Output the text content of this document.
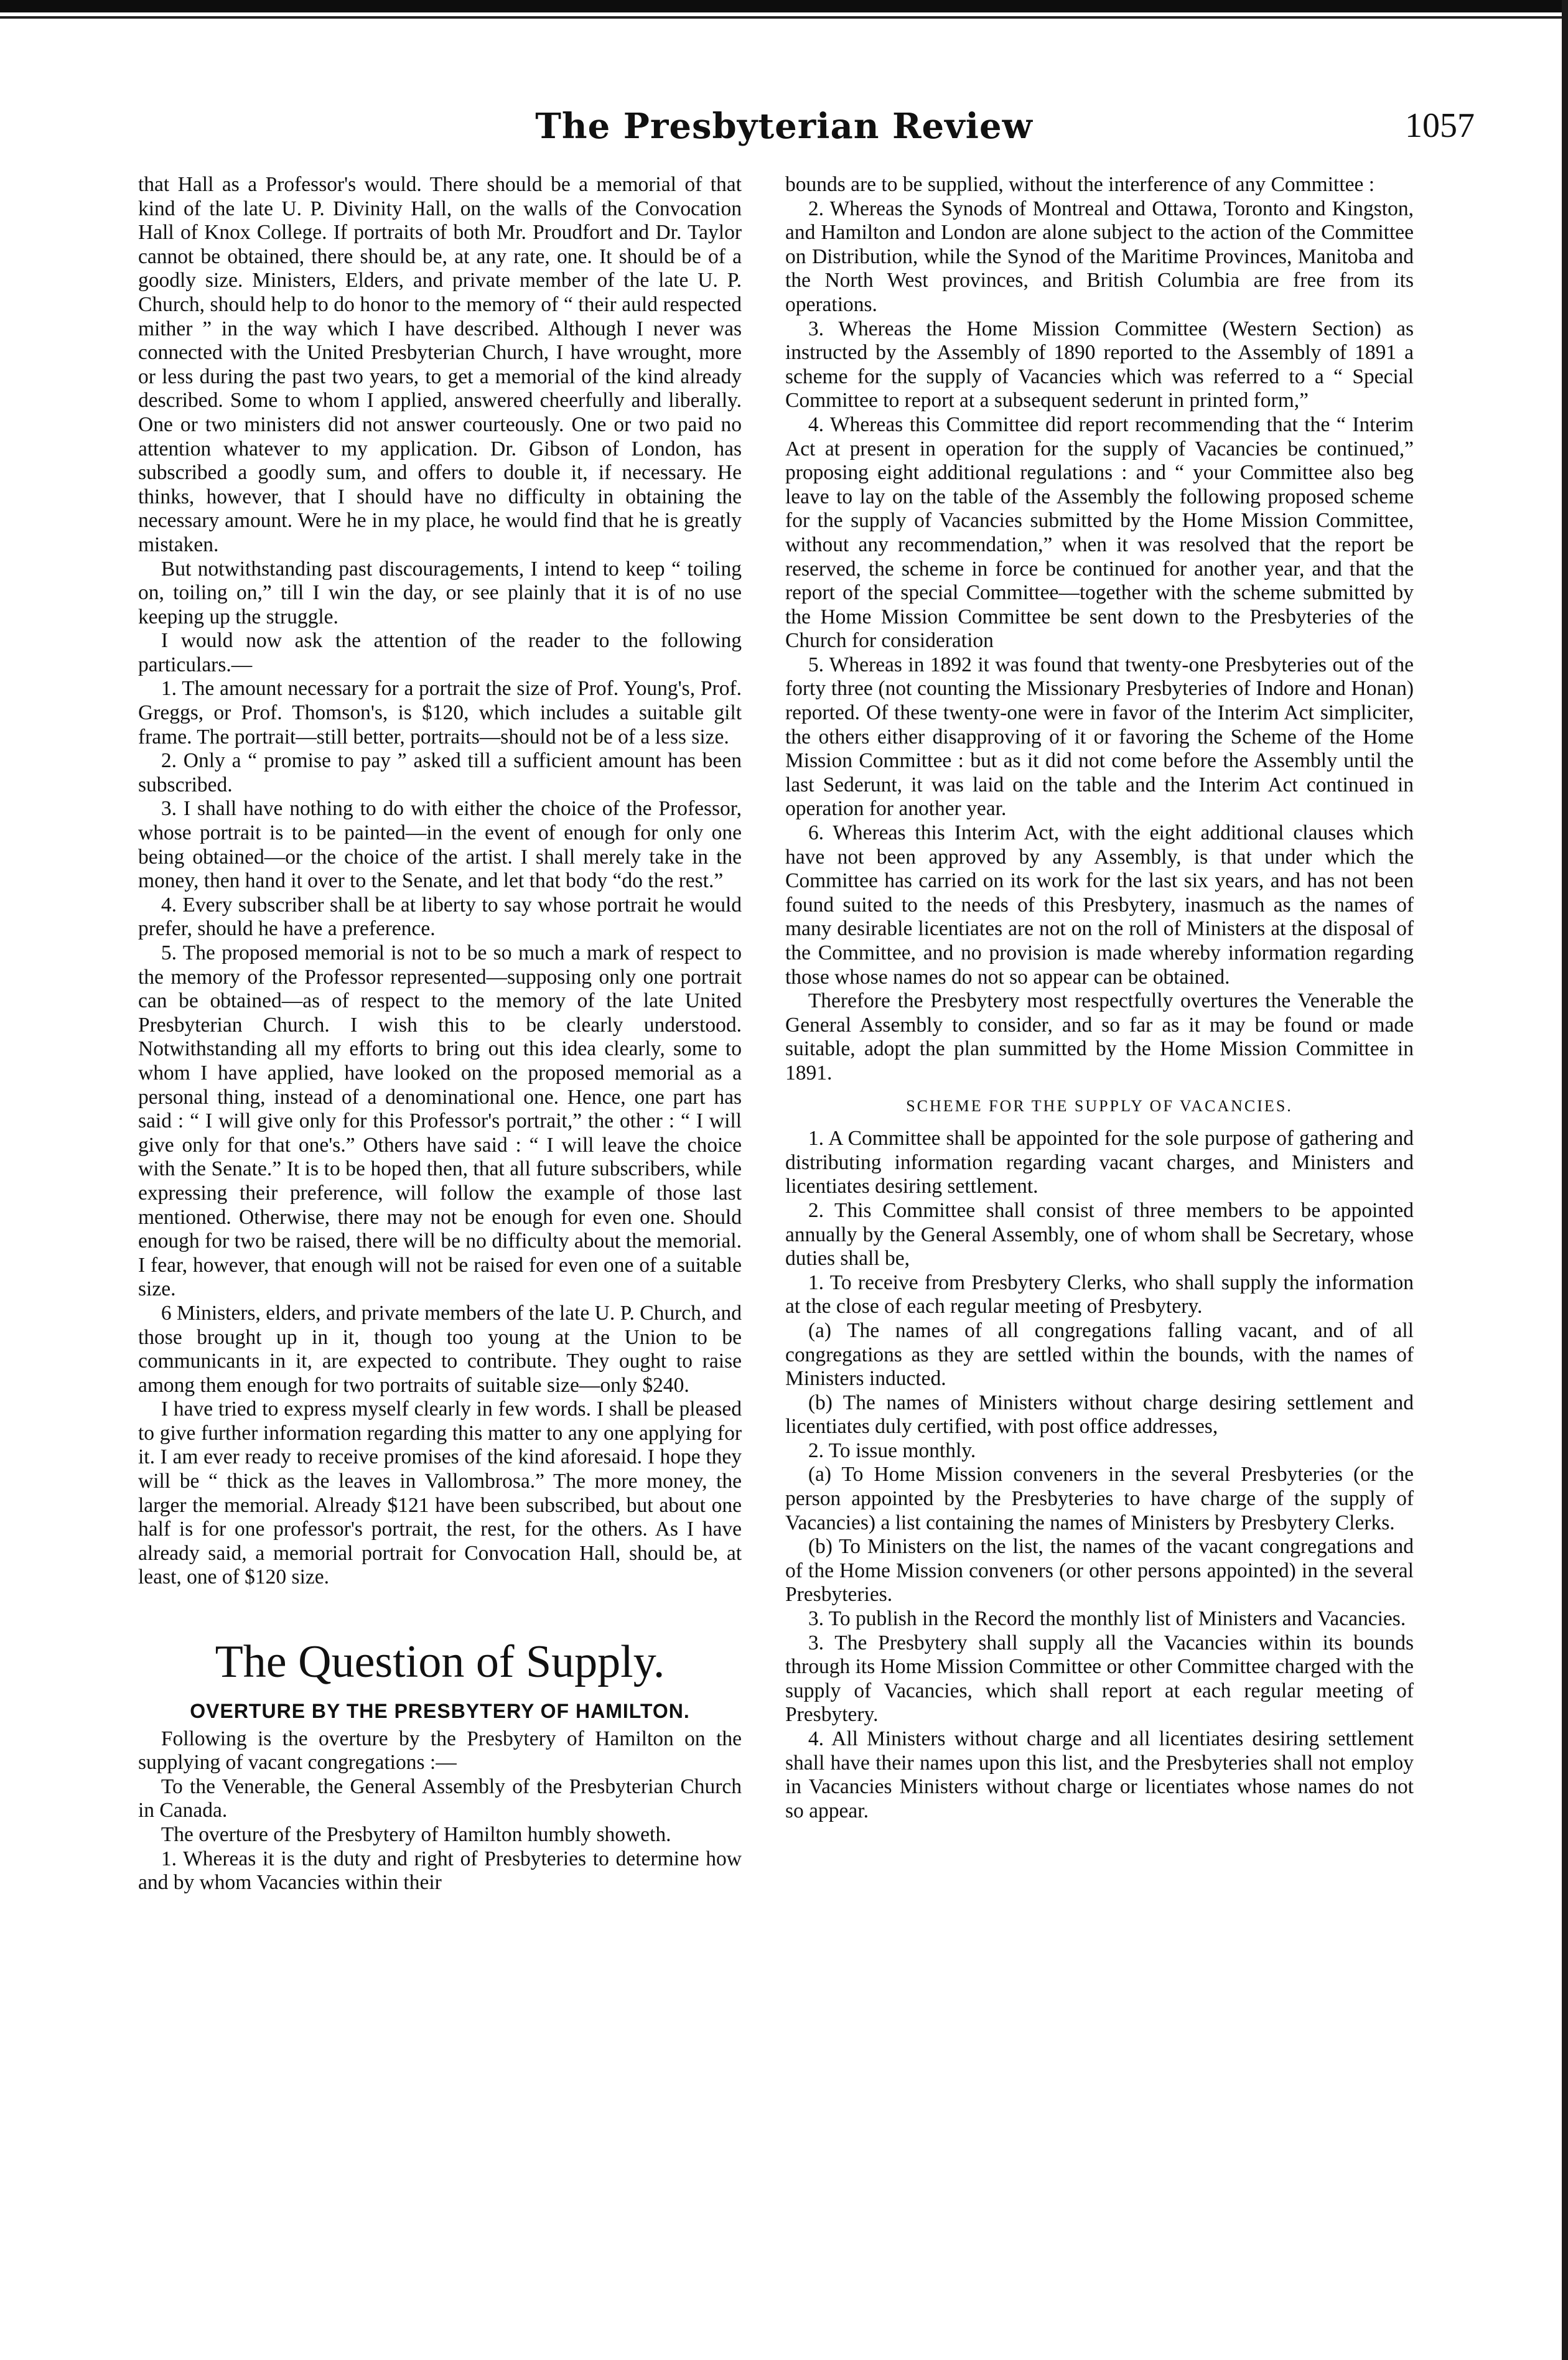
The Presbyterian Review	1057

that Hall as a Professor's would. There should be a memorial of that kind of the late U. P. Divinity Hall, on the walls of the Convocation Hall of Knox College. If portraits of both Mr. Proudfort and Dr. Taylor cannot be obtained, there should be, at any rate, one. It should be of a goodly size. Ministers, Elders, and private member of the late U. P. Church, should help to do honor to the memory of “ their auld respected mither ” in the way which I have described. Although I never was connected with the United Presbyterian Church, I have wrought, more or less during the past two years, to get a memorial of the kind already described. Some to whom I applied, answered cheerfully and liberally. One or two ministers did not answer courteously. One or two paid no attention whatever to my application. Dr. Gibson of London, has subscribed a goodly sum, and offers to double it, if necessary. He thinks, however, that I should have no difficulty in obtaining the necessary amount. Were he in my place, he would find that he is greatly mistaken.

But notwithstanding past discouragements, I intend to keep “ toiling on, toiling on,” till I win the day, or see plainly that it is of no use keeping up the struggle.

I would now ask the attention of the reader to the following particulars.—

1. The amount necessary for a portrait the size of Prof. Young's, Prof. Greggs, or Prof. Thomson's, is $120, which includes a suitable gilt frame. The portrait—still better, portraits—should not be of a less size.

2. Only a “ promise to pay ” asked till a sufficient amount has been subscribed.

3. I shall have nothing to do with either the choice of the Professor, whose portrait is to be painted—in the event of enough for only one being obtained—or the choice of the artist. I shall merely take in the money, then hand it over to the Senate, and let that body “do the rest.”

4. Every subscriber shall be at liberty to say whose portrait he would prefer, should he have a preference.

5. The proposed memorial is not to be so much a mark of respect to the memory of the Professor represented—supposing only one portrait can be obtained—as of respect to the memory of the late United Presbyterian Church. I wish this to be clearly understood. Notwithstanding all my efforts to bring out this idea clearly, some to whom I have applied, have looked on the proposed memorial as a personal thing, instead of a denominational one. Hence, one part has said : “ I will give only for this Professor's portrait,” the other : “ I will give only for that one's.” Others have said : “ I will leave the choice with the Senate.” It is to be hoped then, that all future subscribers, while expressing their preference, will follow the example of those last mentioned. Otherwise, there may not be enough for even one. Should enough for two be raised, there will be no difficulty about the memorial. I fear, however, that enough will not be raised for even one of a suitable size.

6 Ministers, elders, and private members of the late U. P. Church, and those brought up in it, though too young at the Union to be communicants in it, are expected to contribute. They ought to raise among them enough for two portraits of suitable size—only $240.

I have tried to express myself clearly in few words. I shall be pleased to give further information regarding this matter to any one applying for it. I am ever ready to receive promises of the kind aforesaid. I hope they will be “ thick as the leaves in Vallombrosa.” The more money, the larger the memorial. Already $121 have been subscribed, but about one half is for one professor's portrait, the rest, for the others. As I have already said, a memorial portrait for Convocation Hall, should be, at least, one of $120 size.

The Question of Supply.
OVERTURE BY THE PRESBYTERY OF HAMILTON.

Following is the overture by the Presbytery of Hamilton on the supplying of vacant congregations :—

To the Venerable, the General Assembly of the Presbyterian Church in Canada.

The overture of the Presbytery of Hamilton humbly showeth.

1. Whereas it is the duty and right of Presbyteries to determine how and by whom Vacancies within their

bounds are to be supplied, without the interference of any Committee :

2. Whereas the Synods of Montreal and Ottawa, Toronto and Kingston, and Hamilton and London are alone subject to the action of the Committee on Distribution, while the Synod of the Maritime Provinces, Manitoba and the North West provinces, and British Columbia are free from its operations.

3. Whereas the Home Mission Committee (Western Section) as instructed by the Assembly of 1890 reported to the Assembly of 1891 a scheme for the supply of Vacancies which was referred to a “ Special Committee to report at a subsequent sederunt in printed form,”

4. Whereas this Committee did report recommending that the “ Interim Act at present in operation for the supply of Vacancies be continued,” proposing eight additional regulations : and “ your Committee also beg leave to lay on the table of the Assembly the following proposed scheme for the supply of Vacancies submitted by the Home Mission Committee, without any recommendation,” when it was resolved that the report be reserved, the scheme in force be continued for another year, and that the report of the special Committee—together with the scheme submitted by the Home Mission Committee be sent down to the Presbyteries of the Church for consideration

5. Whereas in 1892 it was found that twenty-one Presbyteries out of the forty three (not counting the Missionary Presbyteries of Indore and Honan) reported. Of these twenty-one were in favor of the Interim Act simpliciter, the others either disapproving of it or favoring the Scheme of the Home Mission Committee : but as it did not come before the Assembly until the last Sederunt, it was laid on the table and the Interim Act continued in operation for another year.

6. Whereas this Interim Act, with the eight additional clauses which have not been approved by any Assembly, is that under which the Committee has carried on its work for the last six years, and has not been found suited to the needs of this Presbytery, inasmuch as the names of many desirable licentiates are not on the roll of Ministers at the disposal of the Committee, and no provision is made whereby information regarding those whose names do not so appear can be obtained.

Therefore the Presbytery most respectfully overtures the Venerable the General Assembly to consider, and so far as it may be found or made suitable, adopt the plan summitted by the Home Mission Committee in 1891.

SCHEME FOR THE SUPPLY OF VACANCIES.

1. A Committee shall be appointed for the sole purpose of gathering and distributing information regarding vacant charges, and Ministers and licentiates desiring settlement.

2. This Committee shall consist of three members to be appointed annually by the General Assembly, one of whom shall be Secretary, whose duties shall be,

1. To receive from Presbytery Clerks, who shall supply the information at the close of each regular meeting of Presbytery.

(a) The names of all congregations falling vacant, and of all congregations as they are settled within the bounds, with the names of Ministers inducted.

(b) The names of Ministers without charge desiring settlement and licentiates duly certified, with post office addresses,

2. To issue monthly.

(a) To Home Mission conveners in the several Presbyteries (or the person appointed by the Presbyteries to have charge of the supply of Vacancies) a list containing the names of Ministers by Presbytery Clerks.

(b) To Ministers on the list, the names of the vacant congregations and of the Home Mission conveners (or other persons appointed) in the several Presbyteries.

3. To publish in the Record the monthly list of Ministers and Vacancies.

3. The Presbytery shall supply all the Vacancies within its bounds through its Home Mission Committee or other Committee charged with the supply of Vacancies, which shall report at each regular meeting of Presbytery.

4. All Ministers without charge and all licentiates desiring settlement shall have their names upon this list, and the Presbyteries shall not employ in Vacancies Ministers without charge or licentiates whose names do not so appear.
